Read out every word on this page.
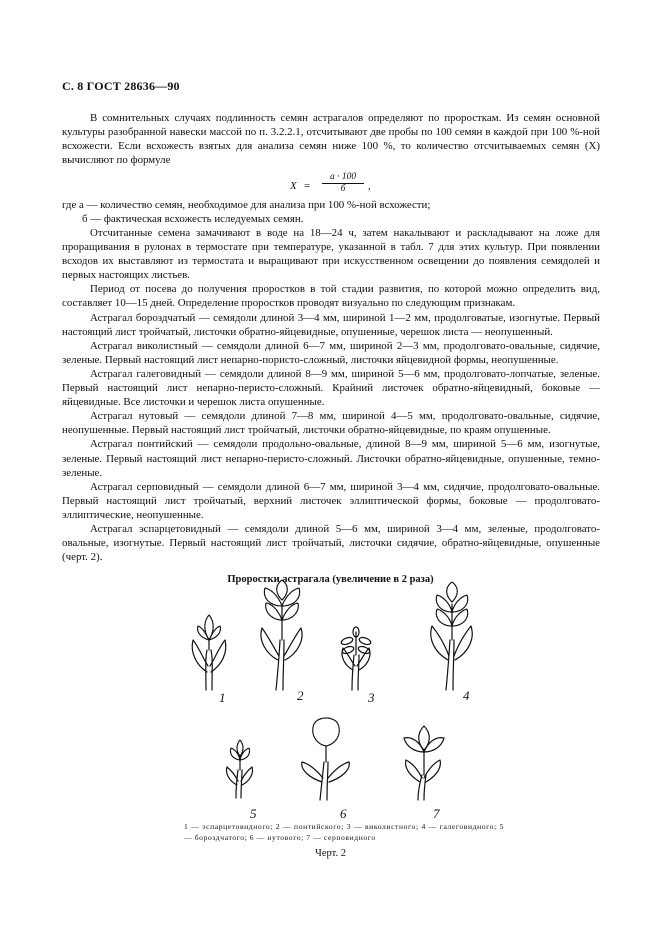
С. 8 ГОСТ 28636—90

В сомнительных случаях подлинность семян астрагалов определяют по проросткам. Из семян основной культуры разобранной навески массой по п. 3.2.2.1, отсчитывают две пробы по 100 семян в каждой при 100 %-ной всхожести. Если всхожесть взятых для анализа семян ниже 100 %, то количество отсчитываемых семян (X) вычисляют по формуле

X =
a · 100
б	,
где а — количество семян, необходимое для анализа при 100 %-ной всхожести;
б — фактическая всхожесть иследуемых семян.

Отсчитанные семена замачивают в воде на 18—24 ч, затем накалывают и раскладывают на ложе для проращивания в рулонах в термостате при температуре, указанной в табл. 7 для этих культур. При появлении всходов их выставляют из термостата и выращивают при искусственном освещении до появления семядолей и первых настоящих листьев.

Период от посева до получения проростков в той стадии развития, по которой можно определить вид, составляет 10—15 дней. Определение проростков проводят визуально по следующим признакам.

Астрагал бороздчатый — семядоли длиной 3—4 мм, шириной 1—2 мм, продолговатые, изогнутые. Первый настоящий лист тройчатый, листочки обратно-яйцевидные, опушенные, черешок листа — неопушенный.

Астрагал виколистный — семядоли длиной 6—7 мм, шириной 2—3 мм, продолговато-овальные, сидячие, зеленые. Первый настоящий лист непарно-пористо-сложный, листочки яйцевидной формы, неопушенные.

Астрагал галеговидный — семядоли длиной 8—9 мм, шириной 5—6 мм, продолговато-лопчатые, зеленые. Первый настоящий лист непарно-перисто-сложный. Крайний листочек обратно-яйцевидный, боковые — яйцевидные. Все листочки и черешок листа опушенные.

Астрагал нутовый — семядоли длиной 7—8 мм, шириной 4—5 мм, продолговато-овальные, сидячие, неопушенные. Первый настоящий лист тройчатый, листочки обратно-яйцевидные, по краям опушенные.

Астрагал понтийский — семядоли продольно-овальные, длиной 8—9 мм, шириной 5—6 мм, изогнутые, зеленые. Первый настоящий лист непарно-перисто-сложный. Листочки обратно-яйцевидные, опушенные, темно-зеленые.

Астрагал серповидный — семядоли длиной 6—7 мм, шириной 3—4 мм, сидячие, продолговато-овальные. Первый настоящий лист тройчатый, верхний листочек эллиптической формы, боковые — продолговато-эллиптические, неопушенные.

Астрагал эспарцетовидный — семядоли длиной 5—6 мм, шириной 3—4 мм, зеленые, продолговато-овальные, изогнутые. Первый настоящий лист тройчатый, листочки сидячие, обратно-яйцевидные, опушенные (черт. 2).

Проростки астрагала (увеличение в 2 раза)
1	2	3	4
5	6	7
1 — эспарцетовидного; 2 — понтийского; 3 — виколистного; 4 — галеговидного; 5 — бороздчатого; 6 — нутового; 7 — серповидного
Черт. 2
